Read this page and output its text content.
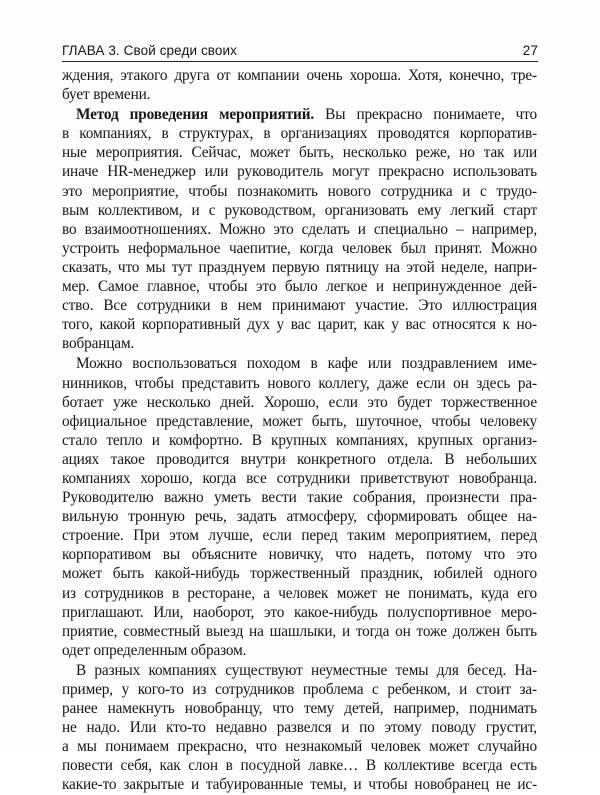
ГЛАВА 3. Свой среди своих	27
ждения, этакого друга от компании очень хороша. Хотя, конечно, тре-
бует времени.
Метод проведения мероприятий. Вы прекрасно понимаете, что
в компаниях, в структурах, в организациях проводятся корпоратив-
ные мероприятия. Сейчас, может быть, несколько реже, но так или
иначе HR-менеджер или руководитель могут прекрасно использовать
это мероприятие, чтобы познакомить нового сотрудника и с трудо-
вым коллективом, и с руководством, организовать ему легкий старт
во взаимоотношениях. Можно это сделать и специально – например,
устроить неформальное чаепитие, когда человек был принят. Можно
сказать, что мы тут празднуем первую пятницу на этой неделе, напри-
мер. Самое главное, чтобы это было легкое и непринужденное дей-
ство. Все сотрудники в нем принимают участие. Это иллюстрация
того, какой корпоративный дух у вас царит, как у вас относятся к но-
вобранцам.
Можно воспользоваться походом в кафе или поздравлением име-
нинников, чтобы представить нового коллегу, даже если он здесь ра-
ботает уже несколько дней. Хорошо, если это будет торжественное
официальное представление, может быть, шуточное, чтобы человеку
стало тепло и комфортно. В крупных компаниях, крупных организ-
ациях такое проводится внутри конкретного отдела. В небольших
компаниях хорошо, когда все сотрудники приветствуют новобранца.
Руководителю важно уметь вести такие собрания, произнести пра-
вильную тронную речь, задать атмосферу, сформировать общее на-
строение. При этом лучше, если перед таким мероприятием, перед
корпоративом вы объясните новичку, что надеть, потому что это
может быть какой-нибудь торжественный праздник, юбилей одного
из сотрудников в ресторане, а человек может не понимать, куда его
приглашают. Или, наоборот, это какое-нибудь полуспортивное меро-
приятие, совместный выезд на шашлыки, и тогда он тоже должен быть
одет определенным образом.
В разных компаниях существуют неуместные темы для бесед. На-
пример, у кого-то из сотрудников проблема с ребенком, и стоит за-
ранее намекнуть новобранцу, что тему детей, например, поднимать
не надо. Или кто-то недавно развелся и по этому поводу грустит,
а мы понимаем прекрасно, что незнакомый человек может случайно
повести себя, как слон в посудной лавке… В коллективе всегда есть
какие-то закрытые и табуированные темы, и чтобы новобранец не ис-
